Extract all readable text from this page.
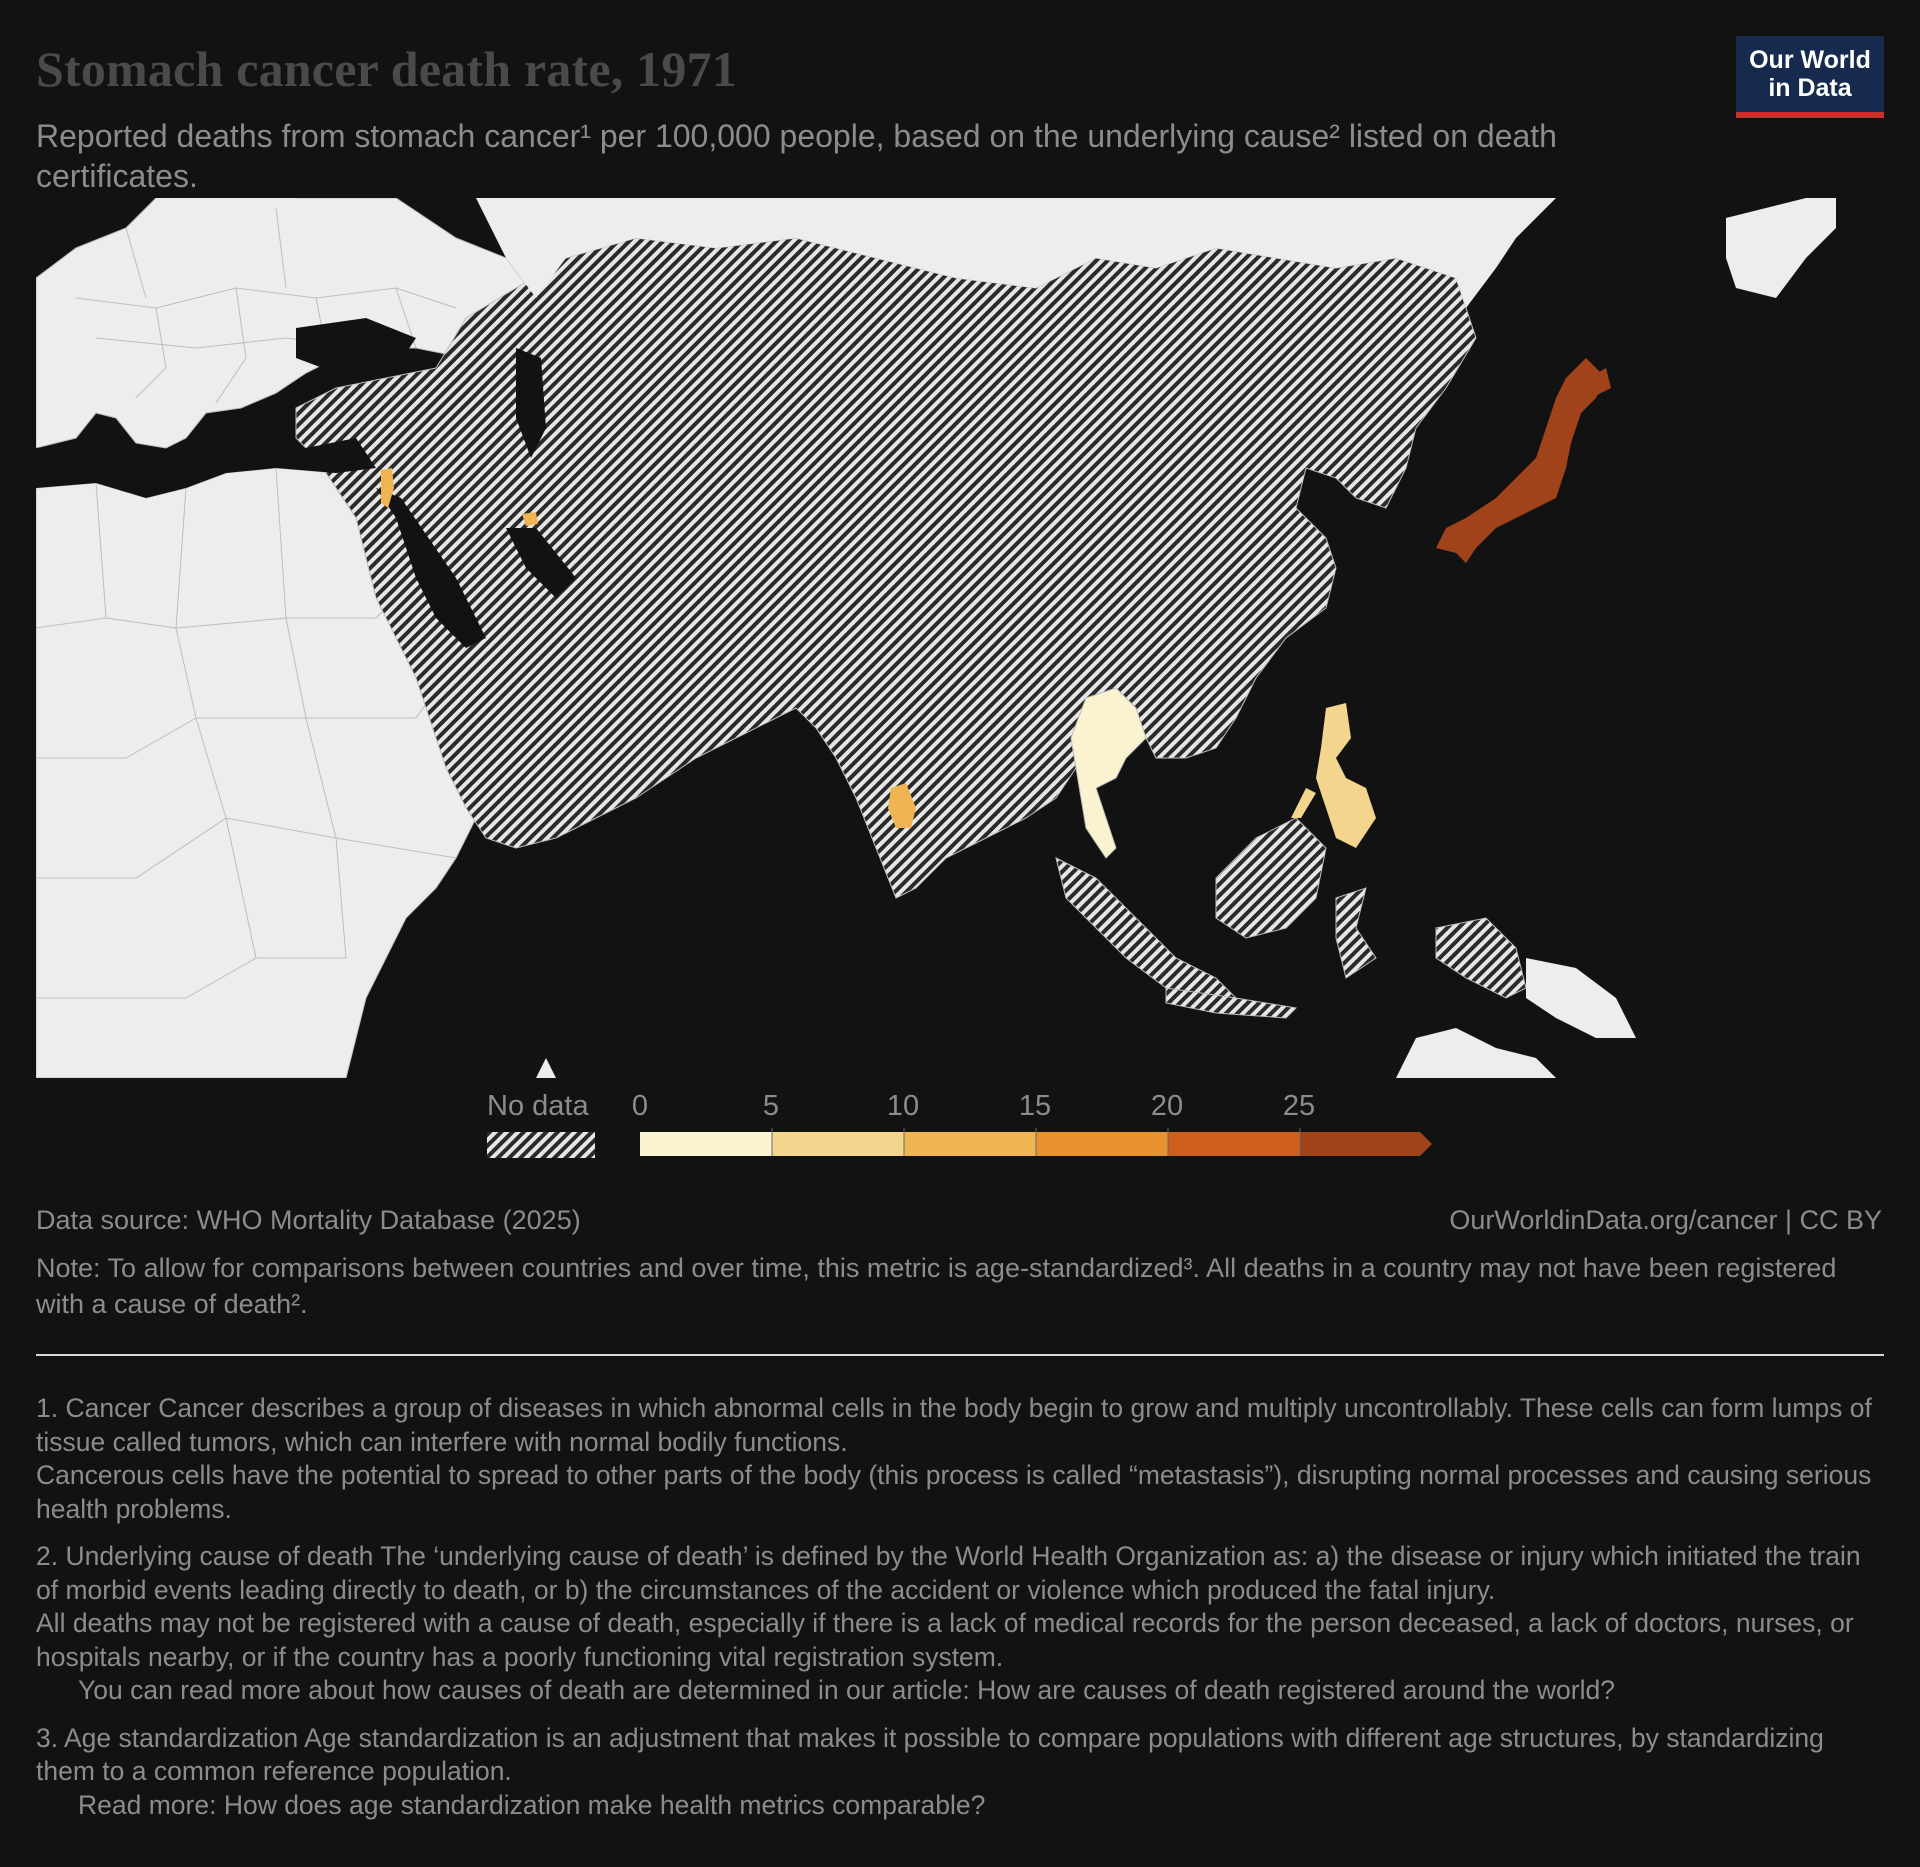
Stomach cancer death rate, 1971

Reported deaths from stomach cancer¹ per 100,000 people, based on the underlying cause² listed on death certificates.

Our World
in Data
No data 0	5	10	15	20	25
Data source: WHO Mortality Database (2025)	OurWorldinData.org/cancer | CC BY

Note: To allow for comparisons between countries and over time, this metric is age-standardized³. All deaths in a country may not have been registered with a cause of death².

1. Cancer Cancer describes a group of diseases in which abnormal cells in the body begin to grow and multiply uncontrollably. These cells can form lumps of tissue called tumors, which can interfere with normal bodily functions.

Cancerous cells have the potential to spread to other parts of the body (this process is called “metastasis”), disrupting normal processes and causing serious health problems.

2. Underlying cause of death The ‘underlying cause of death’ is defined by the World Health Organization as: a) the disease or injury which initiated the train of morbid events leading directly to death, or b) the circumstances of the accident or violence which produced the fatal injury.

All deaths may not be registered with a cause of death, especially if there is a lack of medical records for the person deceased, a lack of doctors, nurses, or hospitals nearby, or if the country has a poorly functioning vital registration system.

You can read more about how causes of death are determined in our article: How are causes of death registered around the world?

3. Age standardization Age standardization is an adjustment that makes it possible to compare populations with different age structures, by standardizing them to a common reference population.

Read more: How does age standardization make health metrics comparable?
